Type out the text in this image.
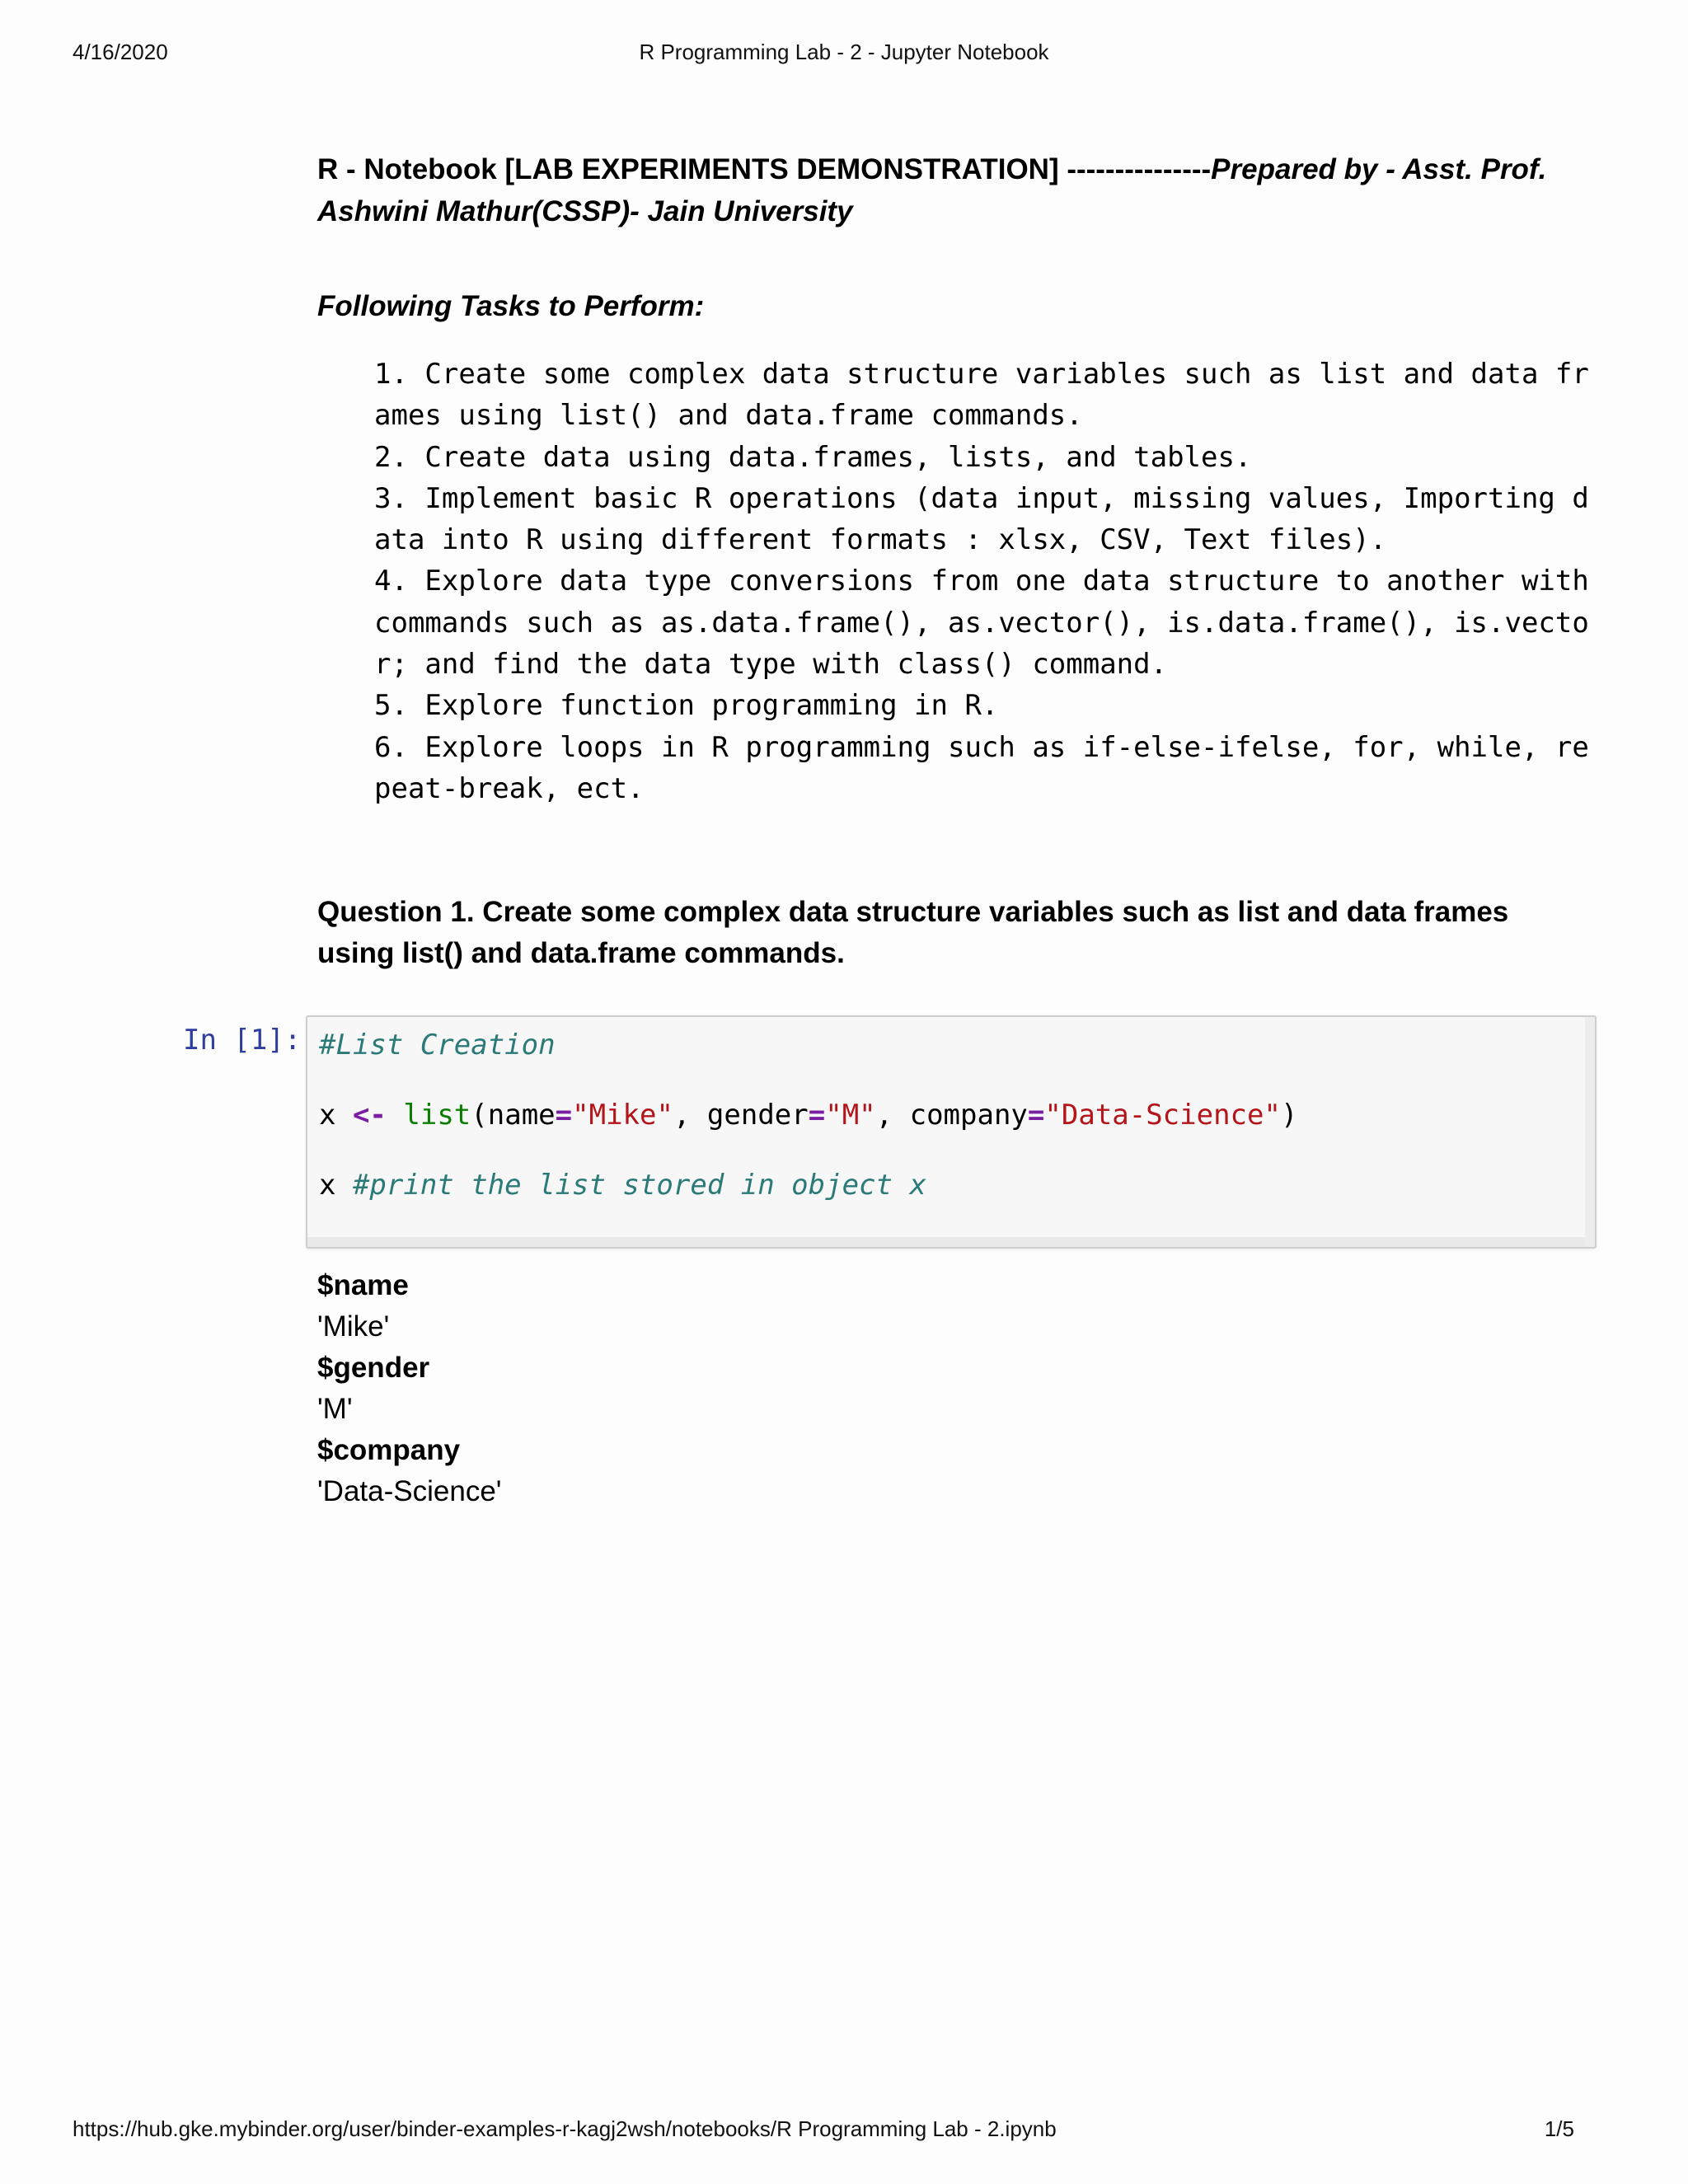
4/16/2020	R Programming Lab - 2 - Jupyter Notebook
R - Notebook [LAB EXPERIMENTS DEMONSTRATION] ---------------Prepared by - Asst. Prof. Ashwini Mathur(CSSP)- Jain University
Following Tasks to Perform:
1. Create some complex data structure variables such as list and data fr
ames using list() and data.frame commands.
2. Create data using data.frames, lists, and tables.
3. Implement basic R operations (data input, missing values, Importing d
ata into R using different formats : xlsx, CSV, Text files).
4. Explore data type conversions from one data structure to another with
commands such as as.data.frame(), as.vector(), is.data.frame(), is.vecto
r; and find the data type with class() command.
5. Explore function programming in R.
6. Explore loops in R programming such as if-else-ifelse, for, while, re
peat-break, ect.
Question 1. Create some complex data structure variables such as list and data frames using list() and data.frame commands.
In [1]: #List Creation
x <- list(name="Mike", gender="M", company="Data-Science")
x #print the list stored in object x
$name
'Mike'
$gender
'M'
$company
'Data-Science'
https://hub.gke.mybinder.org/user/binder-examples-r-kagj2wsh/notebooks/R Programming Lab - 2.ipynb	1/5
